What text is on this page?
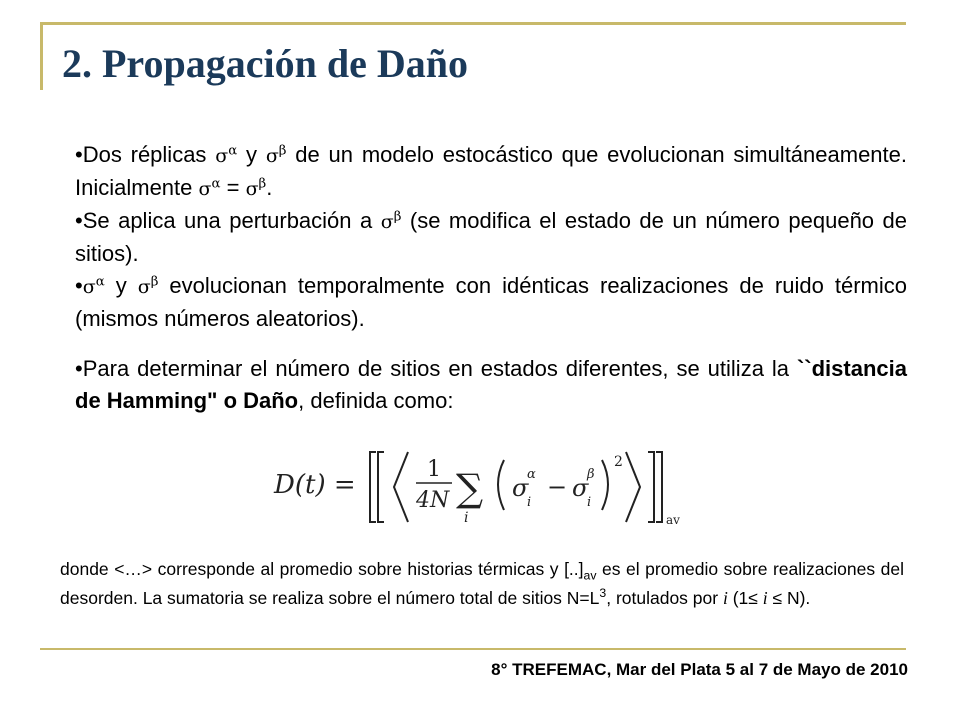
2. Propagación de Daño

•Dos réplicas $\sigma^\alpha$ y $\sigma^\beta$ de un modelo estocástico que evolucionan simultáneamente. Inicialmente $\sigma^\alpha = \sigma^\beta$.

•Se aplica una perturbación a $\sigma^\beta$ (se modifica el estado de un número pequeño de sitios).

$•\sigma^\alpha$ y $\sigma^\beta$ evolucionan temporalmente con idénticas realizaciones de ruido térmico (mismos números aleatorios).

•Para determinar el número de sitios en estados diferentes, se utiliza la ``distancia de Hamming" o Daño, definida como:

D(t) =
1
4N ∑
i
σ
α
i
− σ
β
i
2
av

donde <…> corresponde al promedio sobre historias térmicas y $[..]_{av}$ es el promedio sobre realizaciones del desorden. La sumatoria se realiza sobre el número total de sitios $N=L^3$, rotulados por i (1≤ i ≤ N).

8° TREFEMAC, Mar del Plata 5 al 7 de Mayo de 2010
